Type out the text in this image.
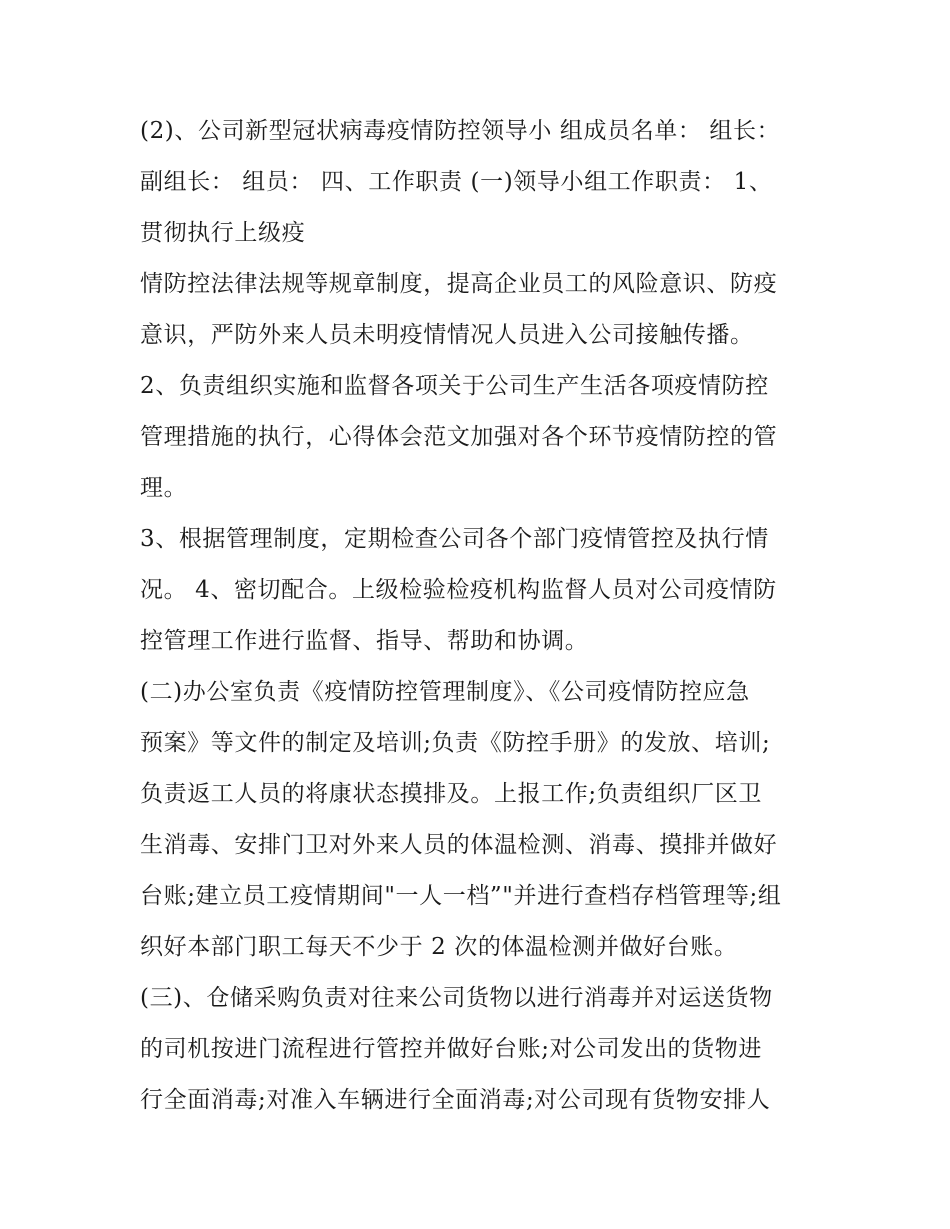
(2)、公司新型冠状病毒疫情防控领导小 组成员名单： 组长：
副组长： 组员： 四、工作职责 (一)领导小组工作职责： 1、
贯彻执行上级疫
情防控法律法规等规章制度，提高企业员工的风险意识、防疫
意识，严防外来人员未明疫情情况人员进入公司接触传播。
2、负责组织实施和监督各项关于公司生产生活各项疫情防控
管理措施的执行，心得体会范文加强对各个环节疫情防控的管
理。
3、根据管理制度，定期检查公司各个部门疫情管控及执行情
况。 4、密切配合。上级检验检疫机构监督人员对公司疫情防
控管理工作进行监督、指导、帮助和协调。
(二)办公室负责《疫情防控管理制度》、《公司疫情防控应急
预案》等文件的制定及培训;负责《防控手册》的发放、培训;
负责返工人员的将康状态摸排及。上报工作;负责组织厂区卫
生消毒、安排门卫对外来人员的体温检测、消毒、摸排并做好
台账;建立员工疫情期间"一人一档”"并进行查档存档管理等;组
织好本部门职工每天不少于 2 次的体温检测并做好台账。
(三)、仓储采购负责对往来公司货物以进行消毒并对运送货物
的司机按进门流程进行管控并做好台账;对公司发出的货物进
行全面消毒;对准入车辆进行全面消毒;对公司现有货物安排人
